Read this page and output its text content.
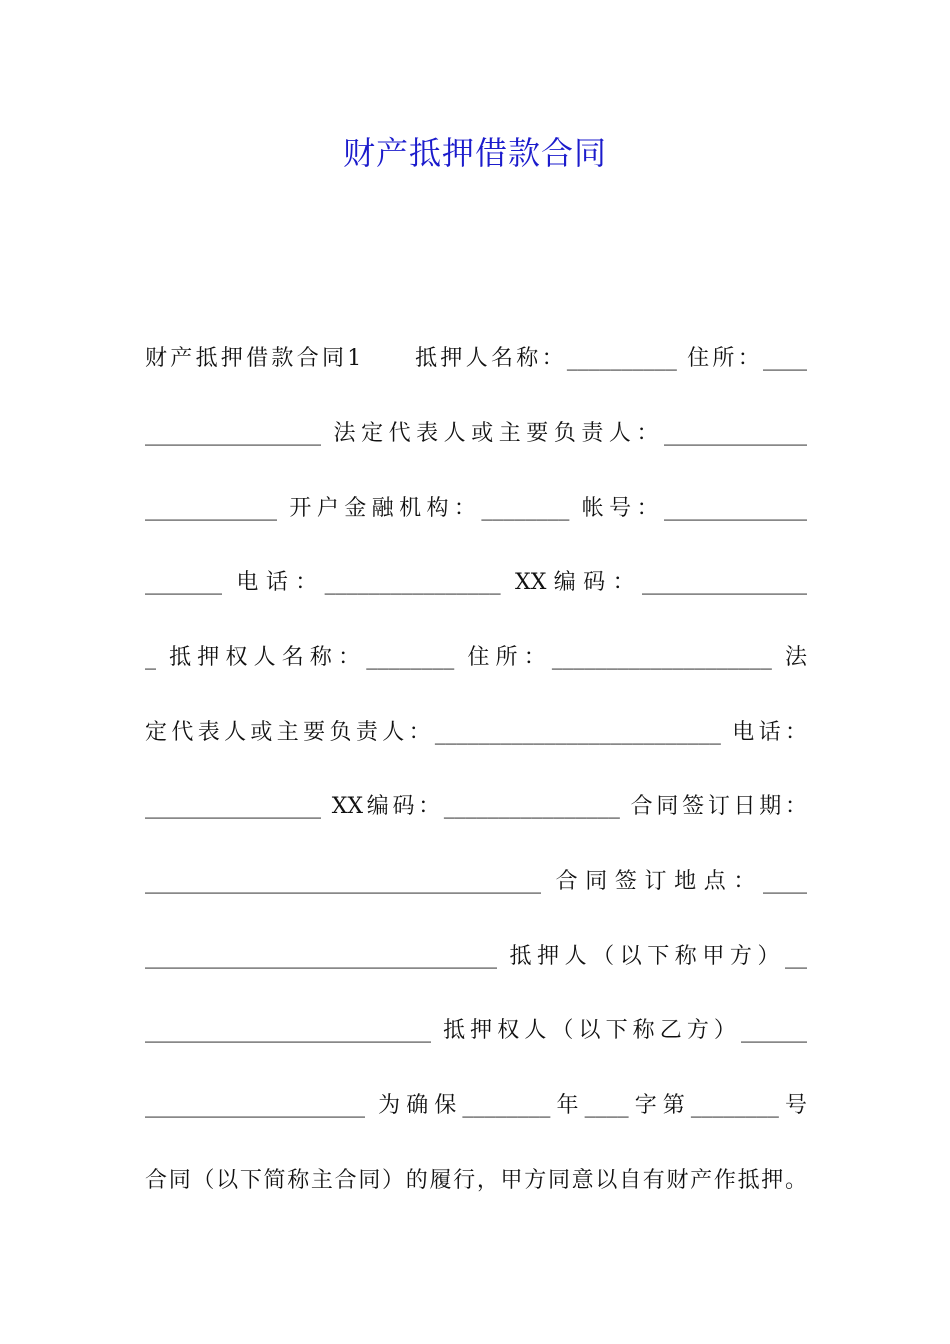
财产抵押借款合同
财产抵押借款合同1　　抵押人名称：__________ 住所：____
________________ 法定代表人或主要负责人：_____________
____________ 开户金融机构：________ 帐号：_____________
_______ 电话：________________ XX编码：_______________
_ 抵押权人名称：________ 住所：____________________ 法
定代表人或主要负责人：__________________________ 电话：
________________ XX编码：________________ 合同签订日期：
____________________________________ 合同签订地点：____
________________________________ 抵押人（以下称甲方）__
__________________________ 抵押权人（以下称乙方）______
____________________ 为确保________年____字第________号
合同（以下简称主合同）的履行，甲方同意以自有财产作抵押。
